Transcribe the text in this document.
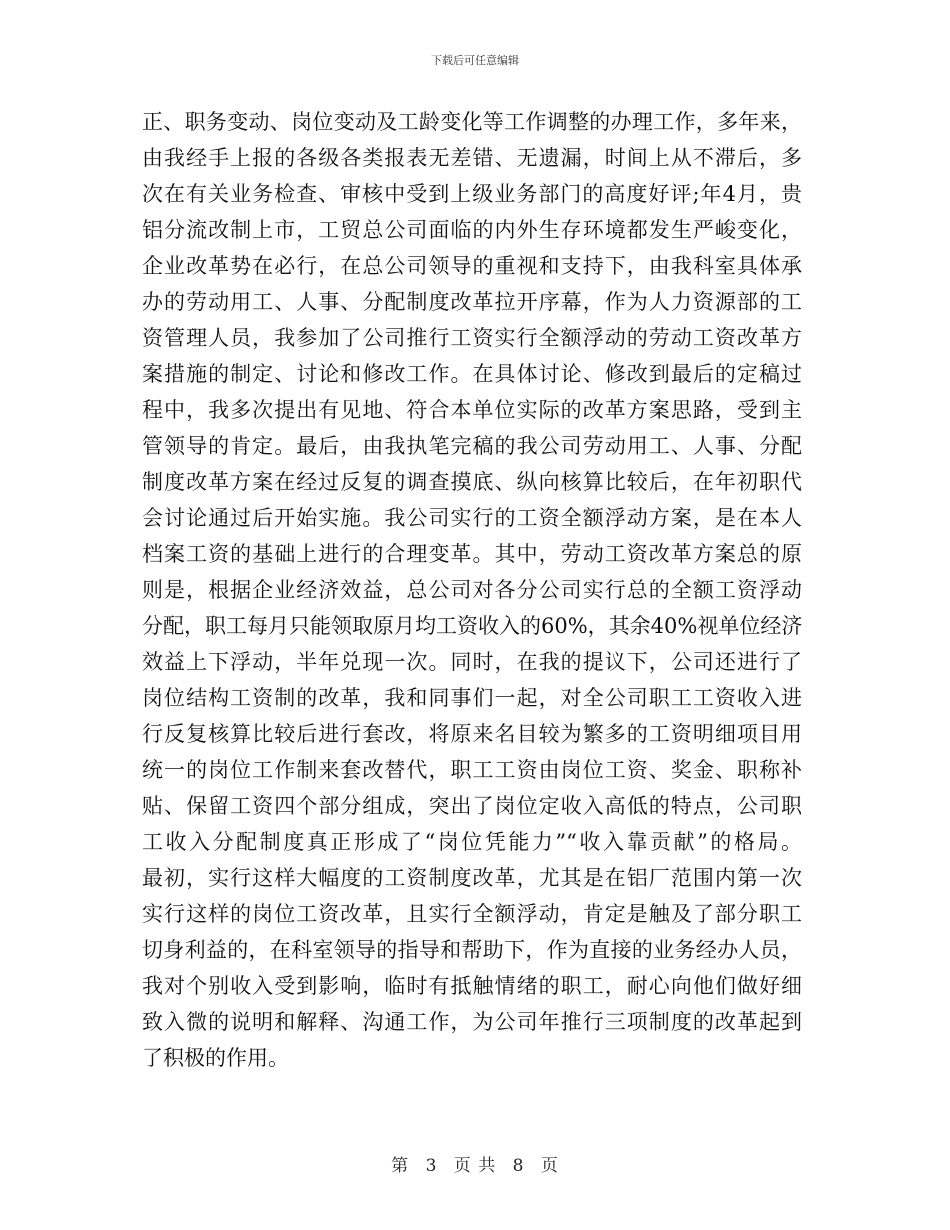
下载后可任意编辑
正、职务变动、岗位变动及工龄变化等工作调整的办理工作，多年来，
由我经手上报的各级各类报表无差错、无遗漏，时间上从不滞后，多
次在有关业务检查、审核中受到上级业务部门的高度好评;年4月，贵
铝分流改制上市，工贸总公司面临的内外生存环境都发生严峻变化，
企业改革势在必行，在总公司领导的重视和支持下，由我科室具体承
办的劳动用工、人事、分配制度改革拉开序幕，作为人力资源部的工
资管理人员，我参加了公司推行工资实行全额浮动的劳动工资改革方
案措施的制定、讨论和修改工作。在具体讨论、修改到最后的定稿过
程中，我多次提出有见地、符合本单位实际的改革方案思路，受到主
管领导的肯定。最后，由我执笔完稿的我公司劳动用工、人事、分配
制度改革方案在经过反复的调查摸底、纵向核算比较后，在年初职代
会讨论通过后开始实施。我公司实行的工资全额浮动方案，是在本人
档案工资的基础上进行的合理变革。其中，劳动工资改革方案总的原
则是，根据企业经济效益，总公司对各分公司实行总的全额工资浮动
分配，职工每月只能领取原月均工资收入的60%，其余40%视单位经济
效益上下浮动，半年兑现一次。同时，在我的提议下，公司还进行了
岗位结构工资制的改革，我和同事们一起，对全公司职工工资收入进
行反复核算比较后进行套改，将原来名目较为繁多的工资明细项目用
统一的岗位工作制来套改替代，职工工资由岗位工资、奖金、职称补
贴、保留工资四个部分组成，突出了岗位定收入高低的特点，公司职
工收入分配制度真正形成了“岗位凭能力”“收入靠贡献”的格局。
最初，实行这样大幅度的工资制度改革，尤其是在铝厂范围内第一次
实行这样的岗位工资改革，且实行全额浮动，肯定是触及了部分职工
切身利益的，在科室领导的指导和帮助下，作为直接的业务经办人员，
我对个别收入受到影响，临时有抵触情绪的职工，耐心向他们做好细
致入微的说明和解释、沟通工作，为公司年推行三项制度的改革起到
了积极的作用。
第 3 页 共 8 页
